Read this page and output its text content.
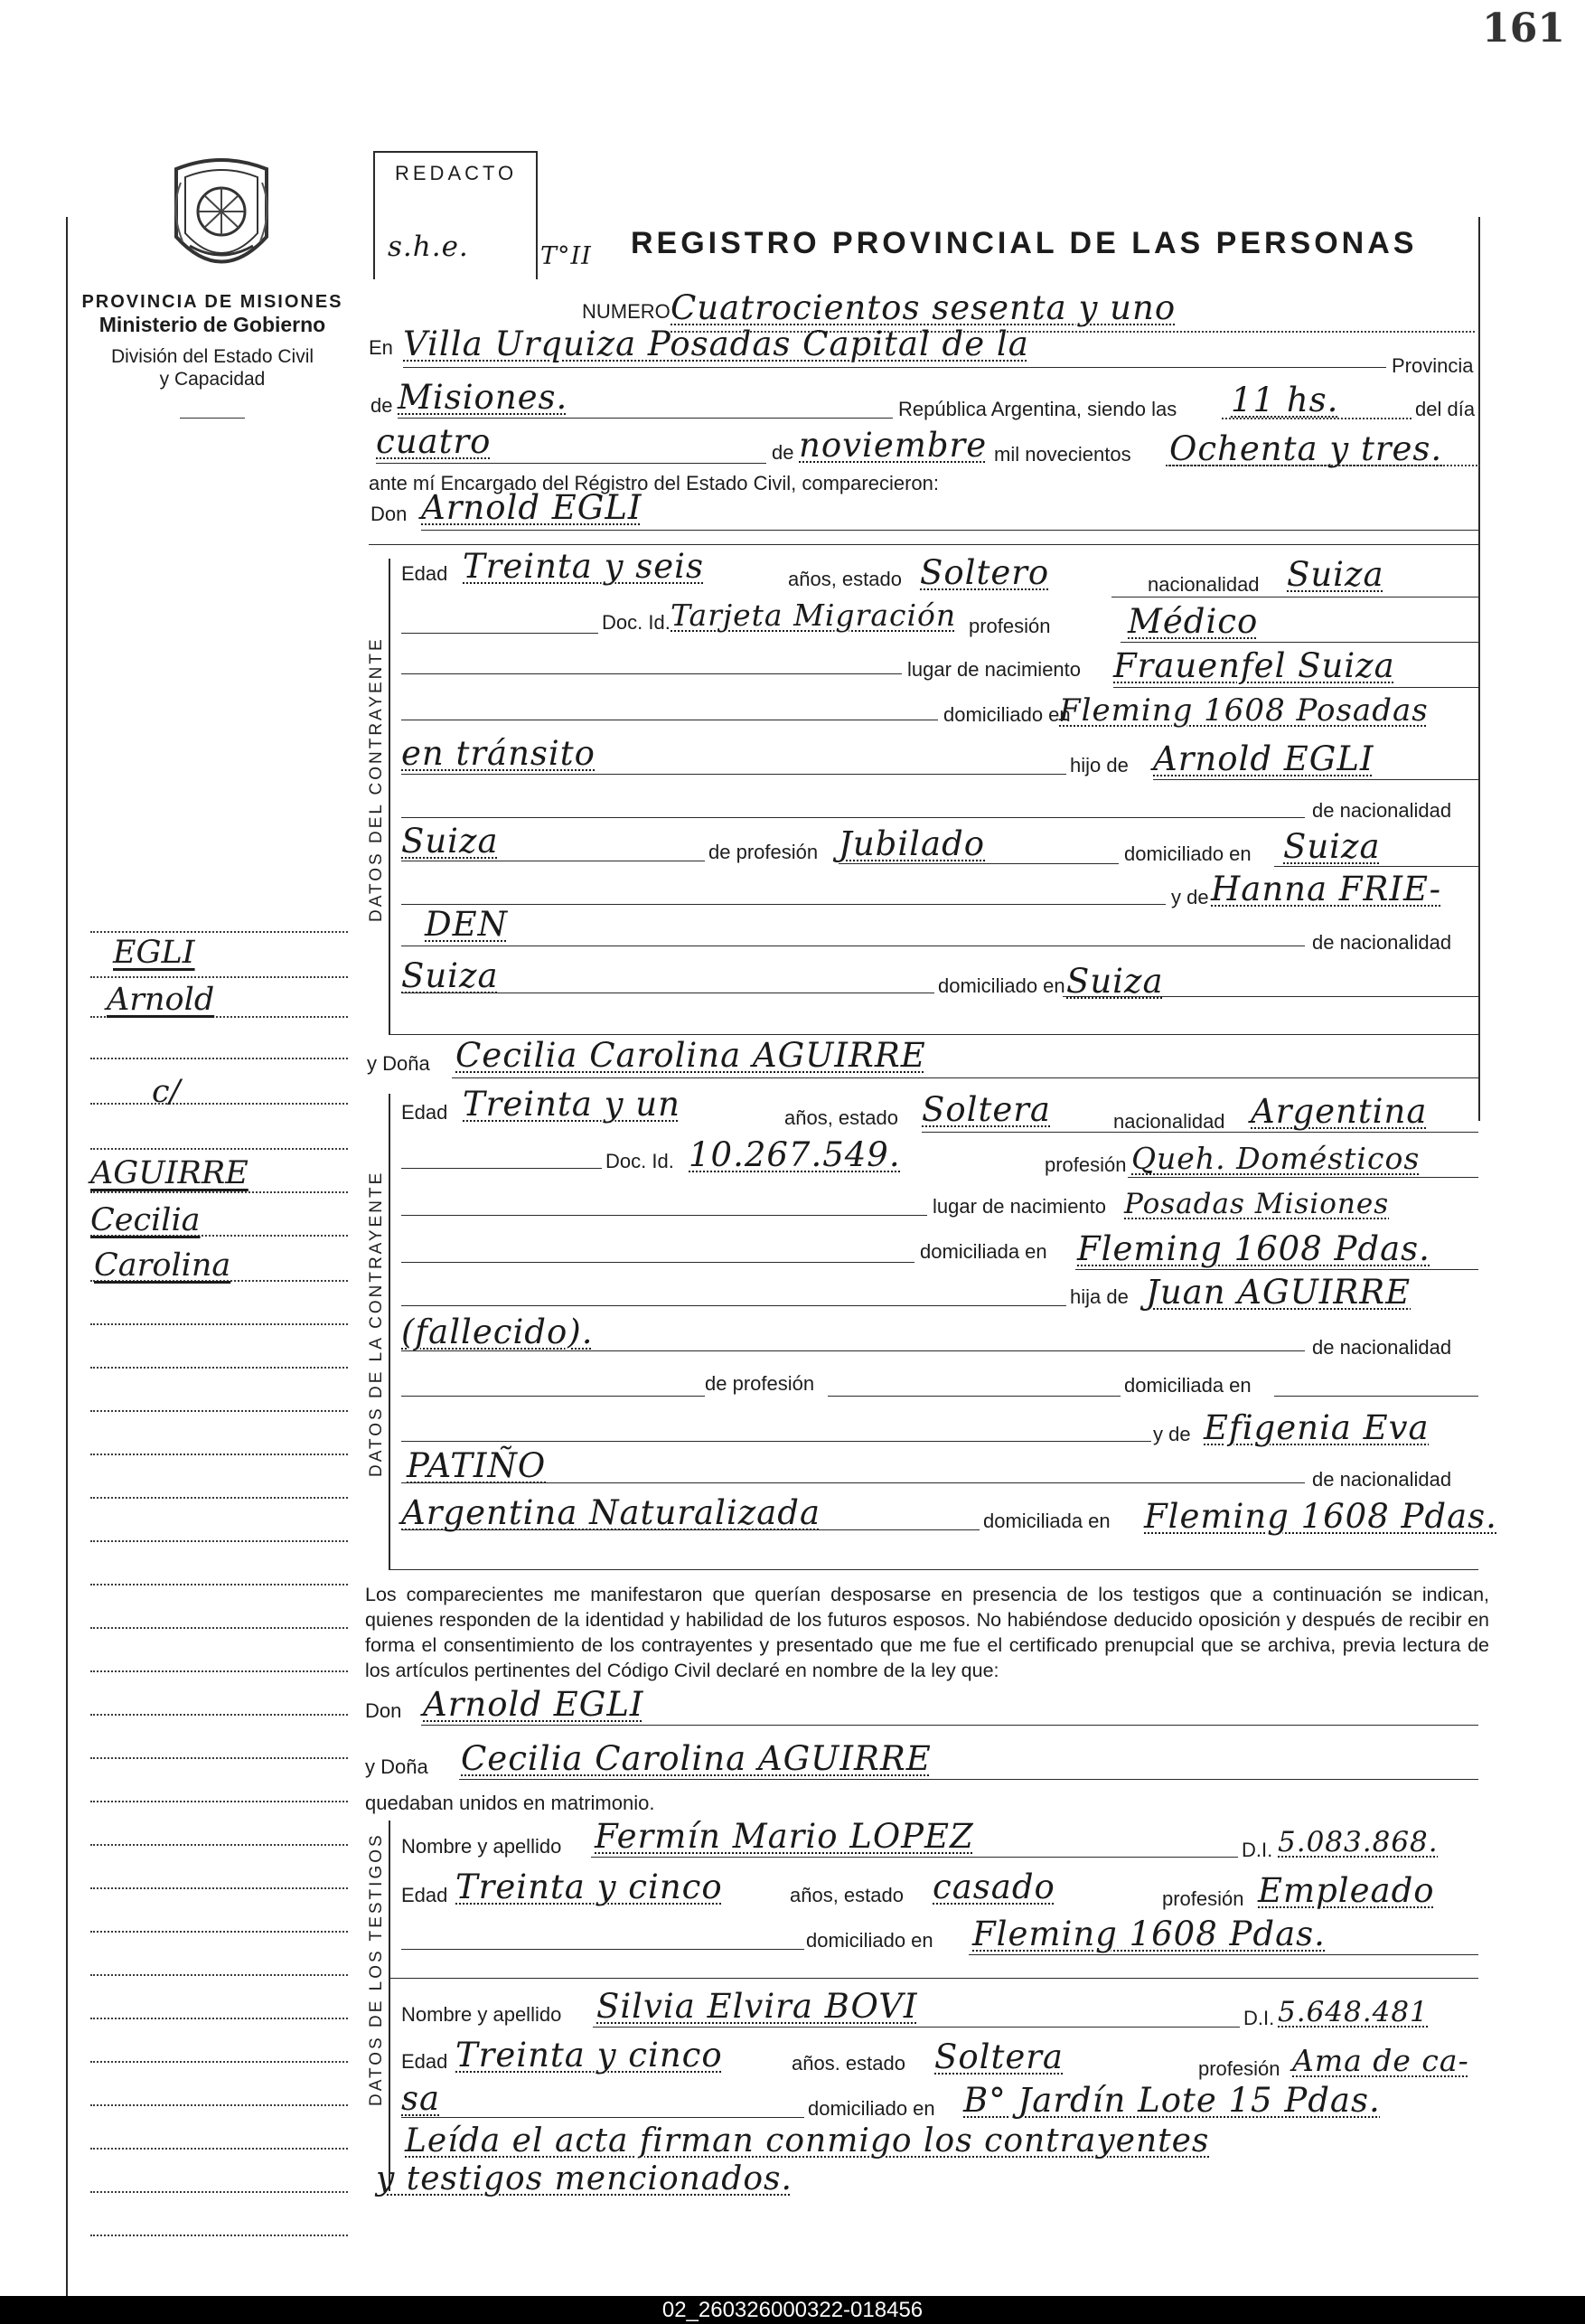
161
PROVINCIA DE MISIONES
Ministerio de Gobierno
División del Estado Civil
y Capacidad
REDACTO
s.h.e.	T°II REGISTRO PROVINCIAL DE LAS PERSONAS
NUMERO Cuatrocientos sesenta y uno
En Villa Urquiza Posadas Capital de la
Provincia
de Misiones.	República Argentina, siendo las 11 hs.	del día
cuatro	de noviembre mil novecientos Ochenta y tres.
ante mí Encargado del Régistro del Estado Civil, comparecieron:
Don Arnold EGLI
DATOS DEL CONTRAYENTE
Edad Treinta y seis	años, estado Soltero	nacionalidad Suiza
Doc. Id. Tarjeta Migración profesión Médico
lugar de nacimiento Frauenfel Suiza
domiciliado en
Fleming 1608 Posadas
en tránsito	hijo de Arnold EGLI
de nacionalidad
Suiza	de profesión Jubilado	domiciliado en Suiza
y de Hanna FRIE-
DEN	de nacionalidad
Suiza	domiciliado en Suiza
y Doña Cecilia Carolina AGUIRRE
DATOS DE LA CONTRAYENTE
Edad Treinta y un	años, estado Soltera	nacionalidad Argentina
Doc. Id. 10.267.549.	profesión Queh. Domésticos
lugar de nacimiento Posadas Misiones
domiciliada en Fleming 1608 Pdas.
hija de Juan AGUIRRE
(fallecido).	de nacionalidad
de profesión	domiciliada en
y de Efigenia Eva
PATIÑO	de nacionalidad
Argentina Naturalizada	domiciliada en Fleming 1608 Pdas.
Los comparecientes me manifestaron que querían desposarse en presencia de los testigos que a continuación se indican, quienes responden de la identidad y habilidad de los futuros esposos. No habiéndose deducido oposición y después de recibir en forma el consentimiento de los contrayentes y presentado que me fue el certificado prenupcial que se archiva, previa lectura de los artículos pertinentes del Código Civil declaré en nombre de la ley que:
Don Arnold EGLI
y Doña Cecilia Carolina AGUIRRE
quedaban unidos en matrimonio.
DATOS DE LOS TESTIGOS Nombre y apellido Fermín Mario LOPEZ	D.I. 5.083.868.
Edad Treinta y cinco	años, estado casado	profesión Empleado
domiciliado en Fleming 1608 Pdas.
Nombre y apellido Silvia Elvira BOVI	D.I. 5.648.481
Edad Treinta y cinco	años. estado Soltera	profesión Ama de ca-
sa	domiciliado en B° Jardín Lote 15 Pdas.
Leída el acta firman conmigo los contrayentes
y testigos mencionados.
EGLI
Arnold
c/
AGUIRRE
Cecilia
Carolina
02_260326000322-018456
